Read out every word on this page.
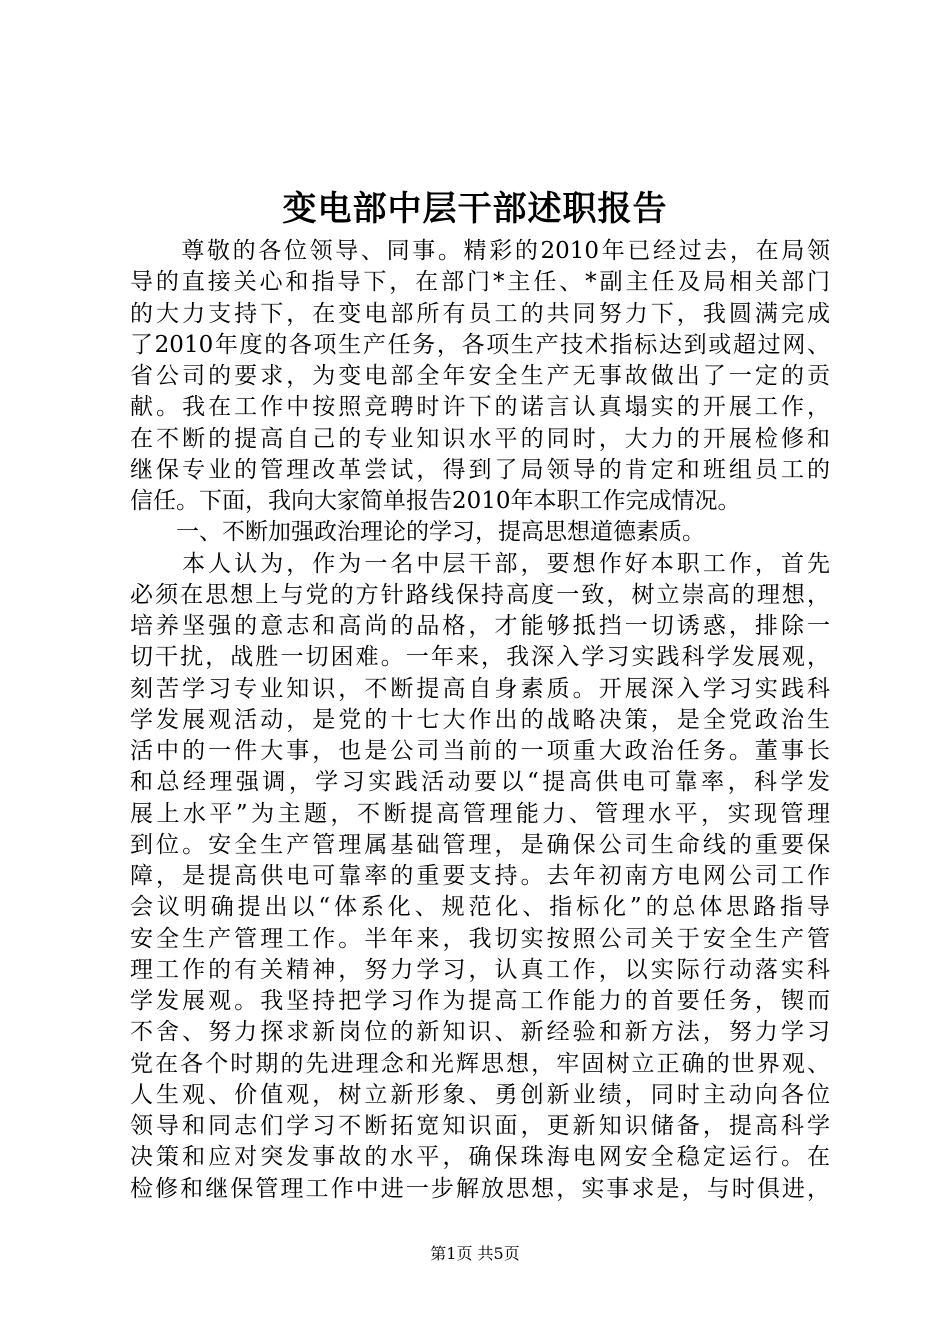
变电部中层干部述职报告
　　尊敬的各位领导、同事。精彩的2010年已经过去，在局领
导的直接关心和指导下，在部门*主任、*副主任及局相关部门
的大力支持下，在变电部所有员工的共同努力下，我圆满完成
了2010年度的各项生产任务，各项生产技术指标达到或超过网、
省公司的要求，为变电部全年安全生产无事故做出了一定的贡
献。我在工作中按照竞聘时许下的诺言认真塌实的开展工作，
在不断的提高自己的专业知识水平的同时，大力的开展检修和
继保专业的管理改革尝试，得到了局领导的肯定和班组员工的
信任。下面，我向大家简单报告2010年本职工作完成情况。
　　一、不断加强政治理论的学习，提高思想道德素质。
　　本人认为，作为一名中层干部，要想作好本职工作，首先
必须在思想上与党的方针路线保持高度一致，树立崇高的理想，
培养坚强的意志和高尚的品格，才能够抵挡一切诱惑，排除一
切干扰，战胜一切困难。一年来，我深入学习实践科学发展观，
刻苦学习专业知识，不断提高自身素质。开展深入学习实践科
学发展观活动，是党的十七大作出的战略决策，是全党政治生
活中的一件大事，也是公司当前的一项重大政治任务。董事长
和总经理强调，学习实践活动要以“提高供电可靠率，科学发
展上水平”为主题，不断提高管理能力、管理水平，实现管理
到位。安全生产管理属基础管理，是确保公司生命线的重要保
障，是提高供电可靠率的重要支持。去年初南方电网公司工作
会议明确提出以“体系化、规范化、指标化”的总体思路指导
安全生产管理工作。半年来，我切实按照公司关于安全生产管
理工作的有关精神，努力学习，认真工作，以实际行动落实科
学发展观。我坚持把学习作为提高工作能力的首要任务，锲而
不舍、努力探求新岗位的新知识、新经验和新方法，努力学习
党在各个时期的先进理念和光辉思想，牢固树立正确的世界观、
人生观、价值观，树立新形象、勇创新业绩，同时主动向各位
领导和同志们学习不断拓宽知识面，更新知识储备，提高科学
决策和应对突发事故的水平，确保珠海电网安全稳定运行。在
检修和继保管理工作中进一步解放思想，实事求是，与时俱进，
第1页 共5页
